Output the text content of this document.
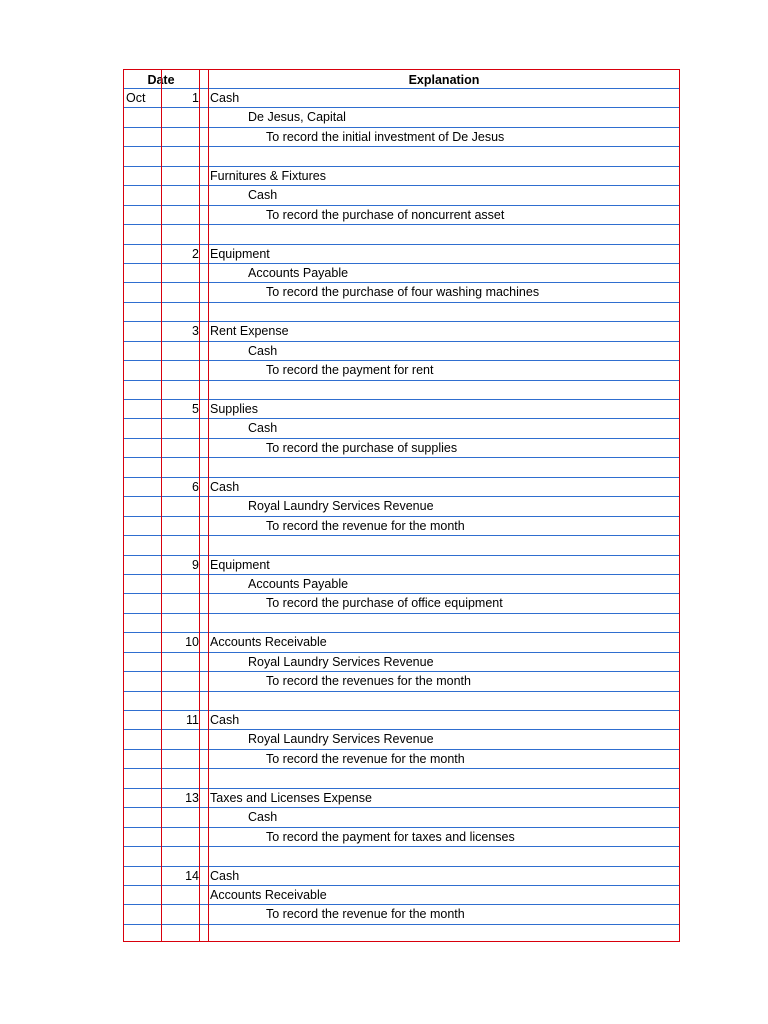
Date	Explanation
Oct	1 Cash
De Jesus, Capital
To record the initial investment of De Jesus
Furnitures & Fixtures
Cash
To record the purchase of noncurrent asset
2 Equipment
Accounts Payable
To record the purchase of four washing machines
3 Rent Expense
Cash
To record the payment for rent
5 Supplies
Cash
To record the purchase of supplies
6 Cash
Royal Laundry Services Revenue
To record the revenue for the month
9 Equipment
Accounts Payable
To record the purchase of office equipment
10 Accounts Receivable
Royal Laundry Services Revenue
To record the revenues for the month
11 Cash
Royal Laundry Services Revenue
To record the revenue for the month
13 Taxes and Licenses Expense
Cash
To record the payment for taxes and licenses
14 Cash
Accounts Receivable
To record the revenue for the month
